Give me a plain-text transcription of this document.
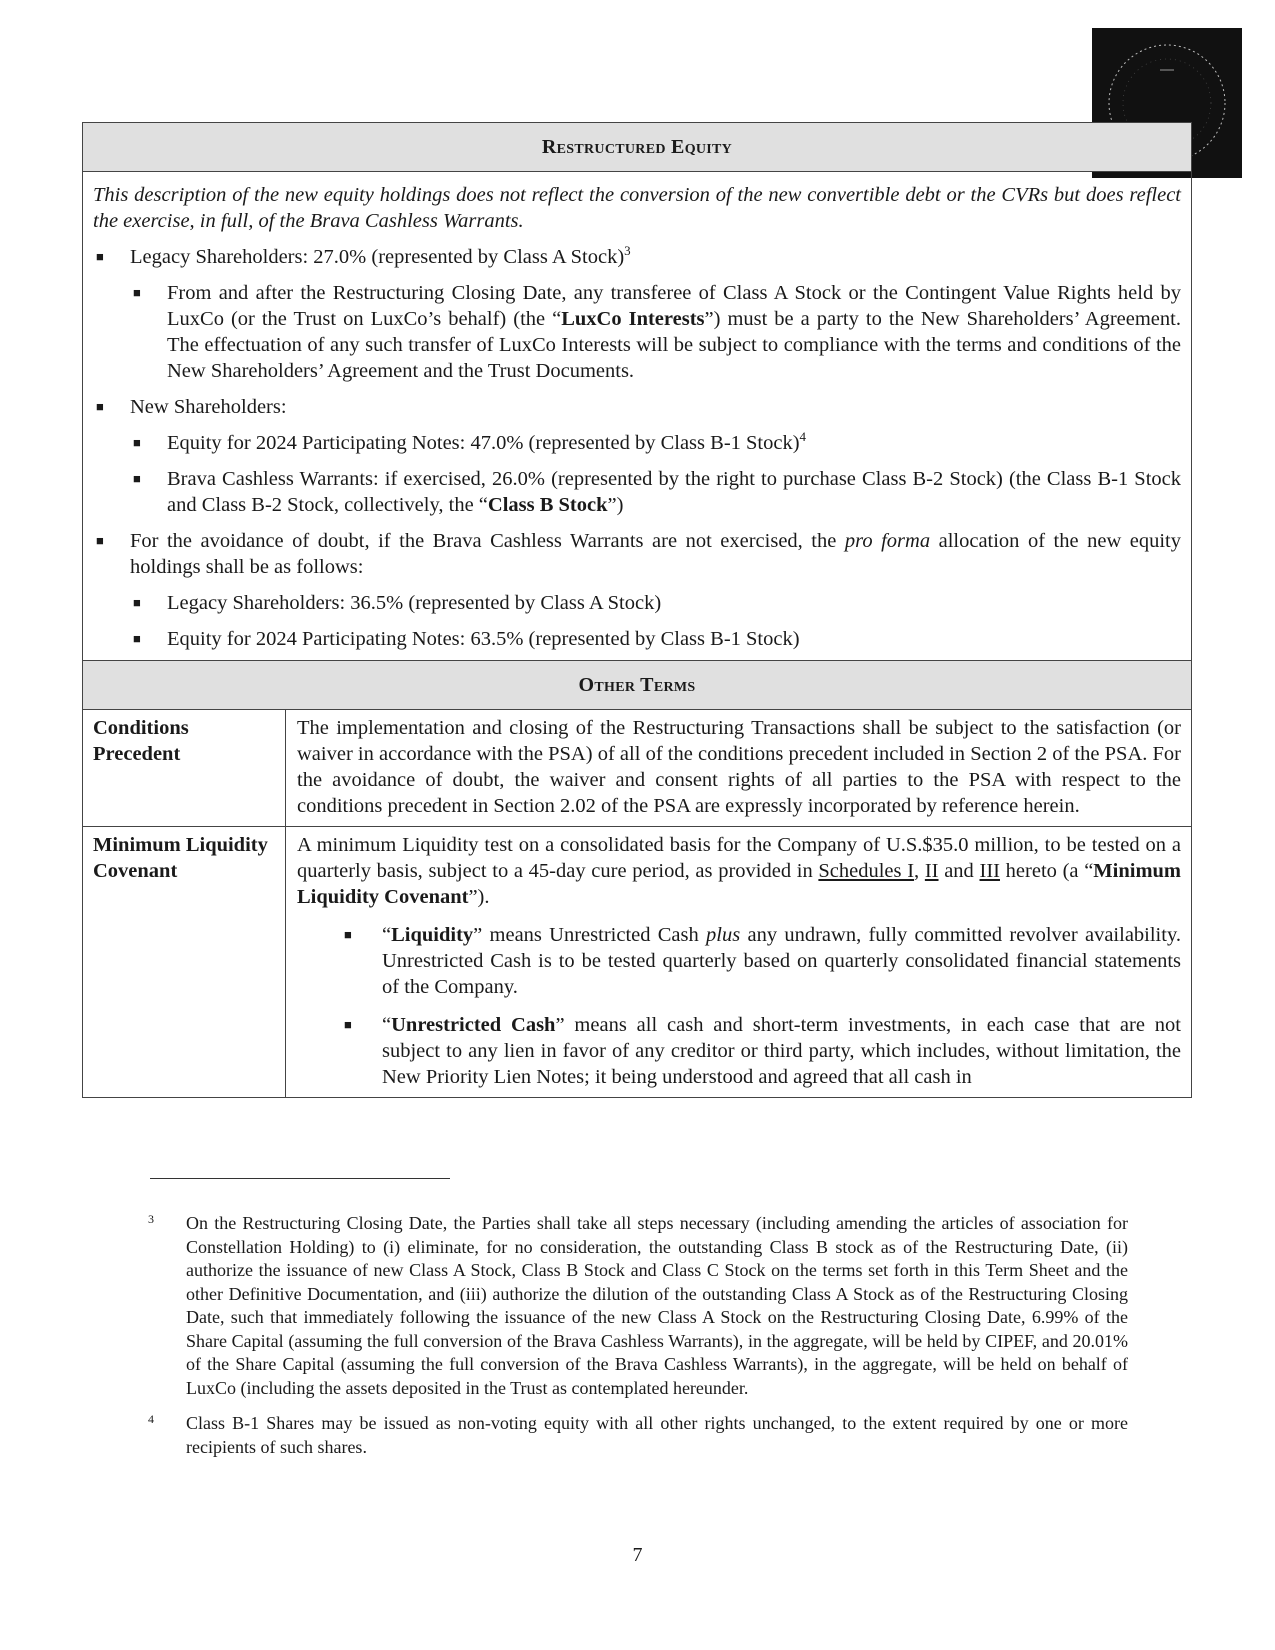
Restructured Equity

This description of the new equity holdings does not reflect the conversion of the new convertible debt or the CVRs but does reflect the exercise, in full, of the Brava Cashless Warrants.

■ Legacy Shareholders: 27.0% (represented by Class A Stock)$^3$
■ From and after the Restructuring Closing Date, any transferee of Class A Stock or the Contingent Value Rights held by LuxCo (or the Trust on LuxCo’s behalf) (the “LuxCo Interests”) must be a party to the New Shareholders’ Agreement. The effectuation of any such transfer of LuxCo Interests will be subject to compliance with the terms and conditions of the New Shareholders’ Agreement and the Trust Documents.
■ New Shareholders:
■ Equity for 2024 Participating Notes: 47.0% (represented by Class B-1 Stock)$^4$
■ Brava Cashless Warrants: if exercised, 26.0% (represented by the right to purchase Class B-2 Stock) (the Class B-1 Stock and Class B-2 Stock, collectively, the “Class B Stock”)
■ For the avoidance of doubt, if the Brava Cashless Warrants are not exercised, the pro forma allocation of the new equity holdings shall be as follows:
■ Legacy Shareholders: 36.5% (represented by Class A Stock)
■ Equity for 2024 Participating Notes: 63.5% (represented by Class B-1 Stock)
Other Terms
Conditions Precedent
The implementation and closing of the Restructuring Transactions shall be subject to the satisfaction (or waiver in accordance with the PSA) of all of the conditions precedent included in Section 2 of the PSA. For the avoidance of doubt, the waiver and consent rights of all parties to the PSA with respect to the conditions precedent in Section 2.02 of the PSA are expressly incorporated by reference herein.
Minimum Liquidity Covenant
A minimum Liquidity test on a consolidated basis for the Company of U.S.$35.0 million, to be tested on a quarterly basis, subject to a 45-day cure period, as provided in Schedules I, II and III hereto (a “Minimum Liquidity Covenant”).
■ “Liquidity” means Unrestricted Cash plus any undrawn, fully committed revolver availability. Unrestricted Cash is to be tested quarterly based on quarterly consolidated financial statements of the Company.
■ “Unrestricted Cash” means all cash and short-term investments, in each case that are not subject to any lien in favor of any creditor or third party, which includes, without limitation, the New Priority Lien Notes; it being understood and agreed that all cash in
3 On the Restructuring Closing Date, the Parties shall take all steps necessary (including amending the articles of association for Constellation Holding) to (i) eliminate, for no consideration, the outstanding Class B stock as of the Restructuring Date, (ii) authorize the issuance of new Class A Stock, Class B Stock and Class C Stock on the terms set forth in this Term Sheet and the other Definitive Documentation, and (iii) authorize the dilution of the outstanding Class A Stock as of the Restructuring Closing Date, such that immediately following the issuance of the new Class A Stock on the Restructuring Closing Date, 6.99% of the Share Capital (assuming the full conversion of the Brava Cashless Warrants), in the aggregate, will be held by CIPEF, and 20.01% of the Share Capital (assuming the full conversion of the Brava Cashless Warrants), in the aggregate, will be held on behalf of LuxCo (including the assets deposited in the Trust as contemplated hereunder.
4 Class B-1 Shares may be issued as non-voting equity with all other rights unchanged, to the extent required by one or more recipients of such shares.
7
